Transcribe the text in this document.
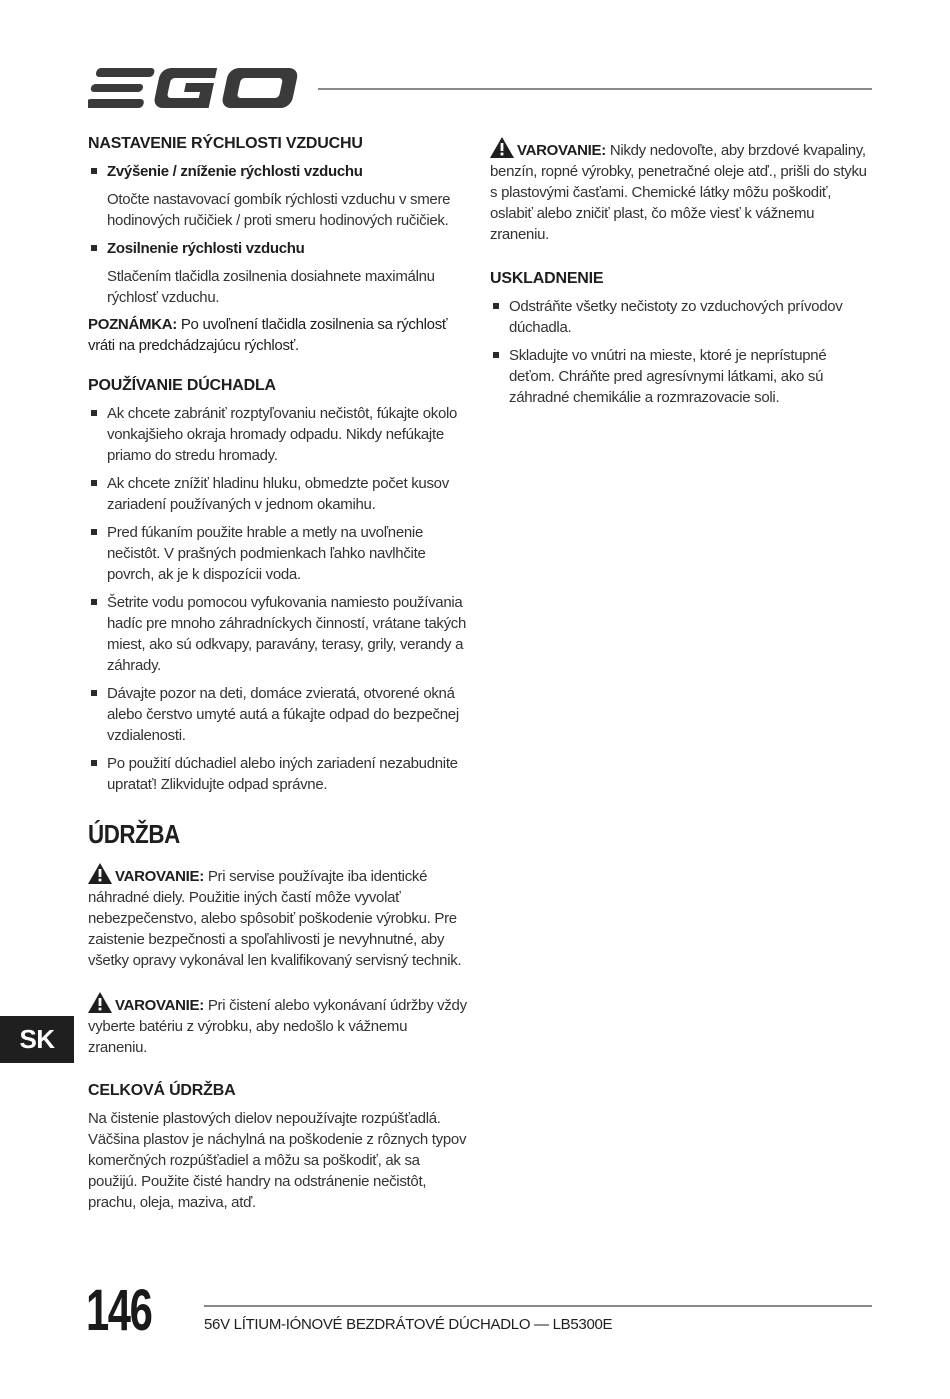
EGO

NASTAVENIE RÝCHLOSTI VZDUCHU

Zvýšenie / zníženie rýchlosti vzduchu

Otočte nastavovací gombík rýchlosti vzduchu v smere hodinových ručičiek / proti smeru hodinových ručičiek.

Zosilnenie rýchlosti vzduchu

Stlačením tlačidla zosilnenia dosiahnete maximálnu rýchlosť vzduchu.

POZNÁMKA: Po uvoľnení tlačidla zosilnenia sa rýchlosť vráti na predchádzajúcu rýchlosť.

POUŽÍVANIE DÚCHADLA

Ak chcete zabrániť rozptyľovaniu nečistôt, fúkajte okolo vonkajšieho okraja hromady odpadu. Nikdy nefúkajte priamo do stredu hromady.

Ak chcete znížiť hladinu hluku, obmedzte počet kusov zariadení používaných v jednom okamihu.

Pred fúkaním použite hrable a metly na uvoľnenie nečistôt. V prašných podmienkach ľahko navlhčite povrch, ak je k dispozícii voda.

Šetrite vodu pomocou vyfukovania namiesto používania hadíc pre mnoho záhradníckych činností, vrátane takých miest, ako sú odkvapy, paravány, terasy, grily, verandy a záhrady.

Dávajte pozor na deti, domáce zvieratá, otvorené okná alebo čerstvo umyté autá a fúkajte odpad do bezpečnej vzdialenosti.

Po použití dúchadiel alebo iných zariadení nezabudnite upratať! Zlikvidujte odpad správne.

ÚDRŽBA

VAROVANIE: Pri servise používajte iba identické náhradné diely. Použitie iných častí môže vyvolať nebezpečenstvo, alebo spôsobiť poškodenie výrobku. Pre zaistenie bezpečnosti a spoľahlivosti je nevyhnutné, aby všetky opravy vykonával len kvalifikovaný servisný technik.

VAROVANIE: Pri čistení alebo vykonávaní údržby vždy vyberte batériu z výrobku, aby nedošlo k vážnemu zraneniu.

CELKOVÁ ÚDRŽBA

Na čistenie plastových dielov nepoužívajte rozpúšťadlá. Väčšina plastov je náchylná na poškodenie z rôznych typov komerčných rozpúšťadiel a môžu sa poškodiť, ak sa použijú. Použite čisté handry na odstránenie nečistôt, prachu, oleja, maziva, atď.

VAROVANIE: Nikdy nedovoľte, aby brzdové kvapaliny, benzín, ropné výrobky, penetračné oleje atď., prišli do styku s plastovými časťami. Chemické látky môžu poškodiť, oslabiť alebo zničiť plast, čo môže viesť k vážnemu zraneniu.

USKLADNENIE

Odstráňte všetky nečistoty zo vzduchových prívodov dúchadla.

Skladujte vo vnútri na mieste, ktoré je neprístupné deťom. Chráňte pred agresívnymi látkami, ako sú záhradné chemikálie a rozmrazovacie soli.

SK
146	56V LÍTIUM-IÓNOVÉ BEZDRÁTOVÉ DÚCHADLO — LB5300E
